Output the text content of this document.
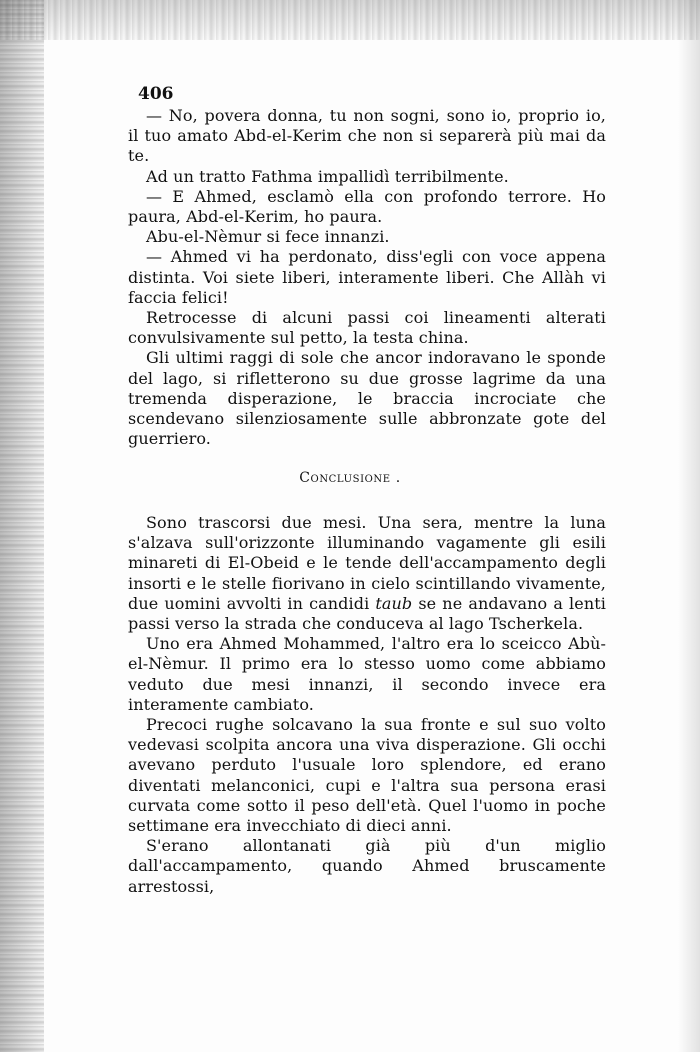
406

— No, povera donna, tu non sogni, sono io, proprio io, il tuo amato Abd-el-Kerim che non si separerà più mai da te.

Ad un tratto Fathma impallidì terribilmente.

— E Ahmed, esclamò ella con profondo terrore. Ho paura, Abd-el-Kerim, ho paura.

Abu-el-Nèmur si fece innanzi.

— Ahmed vi ha perdonato, diss'egli con voce appena distinta. Voi siete liberi, interamente liberi. Che Allàh vi faccia felici!

Retrocesse di alcuni passi coi lineamenti alterati convulsivamente sul petto, la testa china.

Gli ultimi raggi di sole che ancor indoravano le sponde del lago, si rifletterono su due grosse lagrime da una tremenda disperazione, le braccia incrociate che scendevano silenziosamente sulle abbronzate gote del guerriero.

Conclusione .

Sono trascorsi due mesi. Una sera, mentre la luna s'alzava sull'orizzonte illuminando vagamente gli esili minareti di El-Obeid e le tende dell'accampamento degli insorti e le stelle fiorivano in cielo scintillando vivamente, due uomini avvolti in candidi taub se ne andavano a lenti passi verso la strada che conduceva al lago Tscherkela.

Uno era Ahmed Mohammed, l'altro era lo sceicco Abù-el-Nèmur. Il primo era lo stesso uomo come abbiamo veduto due mesi innanzi, il secondo invece era interamente cambiato.

Precoci rughe solcavano la sua fronte e sul suo volto vedevasi scolpita ancora una viva disperazione. Gli occhi avevano perduto l'usuale loro splendore, ed erano diventati melanconici, cupi e l'altra sua persona erasi curvata come sotto il peso dell'età. Quel l'uomo in poche settimane era invecchiato di dieci anni.

S'erano allontanati già più d'un miglio dall'accampamento, quando Ahmed bruscamente arrestossi,
